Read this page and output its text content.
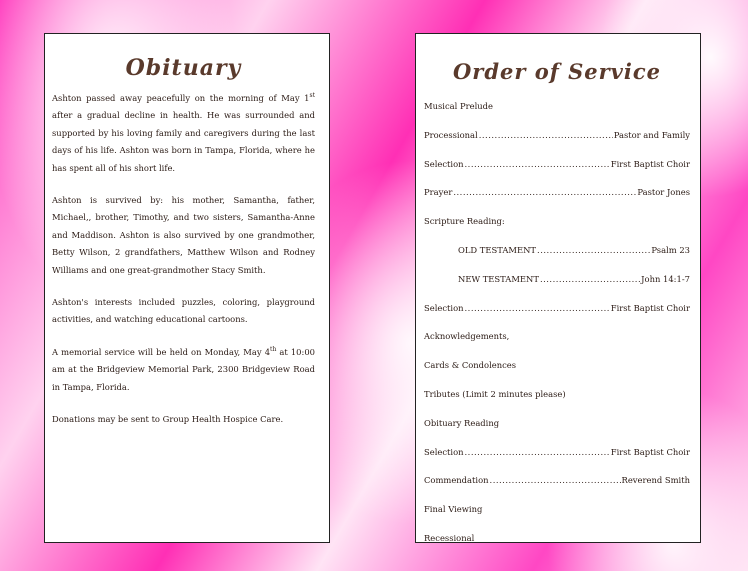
Obituary

Ashton passed away peacefully on the morning of May 1st after a gradual decline in health. He was surrounded and supported by his loving family and caregivers during the last days of his life. Ashton was born in Tampa, Florida, where he has spent all of his short life.

Ashton is survived by: his mother, Samantha, father, Michael,, brother, Timothy, and two sisters, Samantha-Anne and Maddison. Ashton is also survived by one grandmother, Betty Wilson, 2 grandfathers, Matthew Wilson and Rodney Williams and one great-grandmother Stacy Smith.

Ashton's interests included puzzles, coloring, playground activities, and watching educational cartoons.

A memorial service will be held on Monday, May 4th at 10:00 am at the Bridgeview Memorial Park, 2300 Bridgeview Road in Tampa, Florida.

Donations may be sent to Group Health Hospice Care.

Order of Service
Musical Prelude
Processional .....	Pastor and Family
Selection .....	First Baptist Choir
Prayer .....	Pastor Jones
Scripture Reading:
OLD TESTAMENT .....	Psalm 23
NEW TESTAMENT .....	John 14:1-7
Selection .....	First Baptist Choir
Acknowledgements,
Cards & Condolences
Tributes (Limit 2 minutes please)
Obituary Reading
Selection .....	First Baptist Choir
Commendation .....	Reverend Smith
Final Viewing
Recessional
